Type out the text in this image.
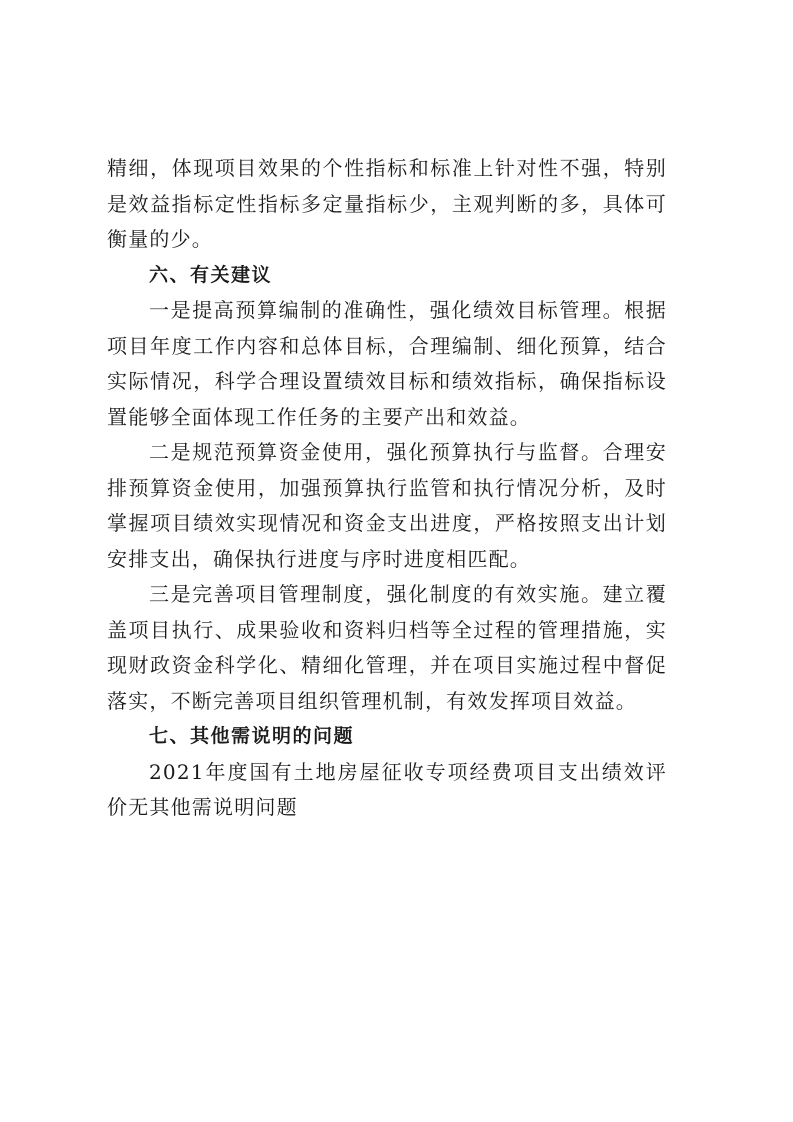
精细，体现项目效果的个性指标和标准上针对性不强，特别是效益指标定性指标多定量指标少，主观判断的多，具体可衡量的少。

六、有关建议

一是提高预算编制的准确性，强化绩效目标管理。根据项目年度工作内容和总体目标，合理编制、细化预算，结合实际情况，科学合理设置绩效目标和绩效指标，确保指标设置能够全面体现工作任务的主要产出和效益。

二是规范预算资金使用，强化预算执行与监督。合理安排预算资金使用，加强预算执行监管和执行情况分析，及时掌握项目绩效实现情况和资金支出进度，严格按照支出计划安排支出，确保执行进度与序时进度相匹配。

三是完善项目管理制度，强化制度的有效实施。建立覆盖项目执行、成果验收和资料归档等全过程的管理措施，实现财政资金科学化、精细化管理，并在项目实施过程中督促落实，不断完善项目组织管理机制，有效发挥项目效益。

七、其他需说明的问题

2021年度国有土地房屋征收专项经费项目支出绩效评价无其他需说明问题
